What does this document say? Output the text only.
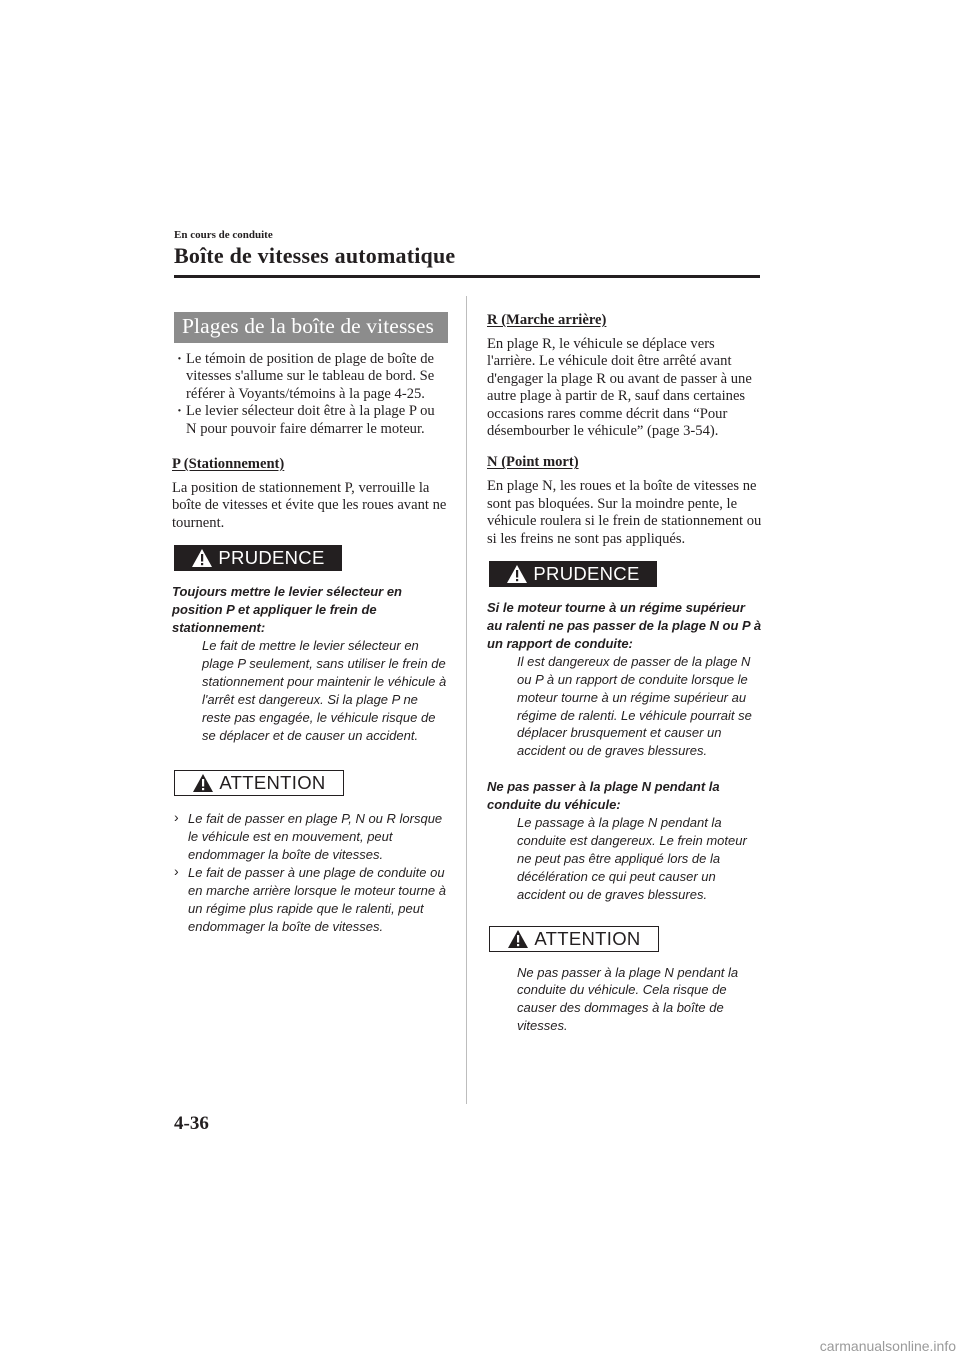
En cours de conduite
Boîte de vitesses automatique
Plages de la boîte de vitesses
· Le témoin de position de plage de boîte de vitesses s'allume sur le tableau de bord. Se référer à Voyants/témoins à la page 4-25.
· Le levier sélecteur doit être à la plage P ou N pour pouvoir faire démarrer le moteur.
P (Stationnement)
La position de stationnement P, verrouille la boîte de vitesses et évite que les roues avant ne tournent.
PRUDENCE
Toujours mettre le levier sélecteur en position P et appliquer le frein de stationnement:
Le fait de mettre le levier sélecteur en plage P seulement, sans utiliser le frein de stationnement pour maintenir le véhicule à l'arrêt est dangereux. Si la plage P ne reste pas engagée, le véhicule risque de se déplacer et de causer un accident.
ATTENTION
› Le fait de passer en plage P, N ou R lorsque le véhicule est en mouvement, peut endommager la boîte de vitesses.
› Le fait de passer à une plage de conduite ou en marche arrière lorsque le moteur tourne à un régime plus rapide que le ralenti, peut endommager la boîte de vitesses.
R (Marche arrière)
En plage R, le véhicule se déplace vers l'arrière. Le véhicule doit être arrêté avant d'engager la plage R ou avant de passer à une autre plage à partir de R, sauf dans certaines occasions rares comme décrit dans “Pour désembourber le véhicule” (page 3-54).
N (Point mort)
En plage N, les roues et la boîte de vitesses ne sont pas bloquées. Sur la moindre pente, le véhicule roulera si le frein de stationnement ou si les freins ne sont pas appliqués.
PRUDENCE
Si le moteur tourne à un régime supérieur au ralenti ne pas passer de la plage N ou P à un rapport de conduite:
Il est dangereux de passer de la plage N ou P à un rapport de conduite lorsque le moteur tourne à un régime supérieur au régime de ralenti. Le véhicule pourrait se déplacer brusquement et causer un accident ou de graves blessures.
Ne pas passer à la plage N pendant la conduite du véhicule:
Le passage à la plage N pendant la conduite est dangereux. Le frein moteur ne peut pas être appliqué lors de la décélération ce qui peut causer un accident ou de graves blessures.
ATTENTION
Ne pas passer à la plage N pendant la conduite du véhicule. Cela risque de causer des dommages à la boîte de vitesses.
4-36
carmanualsonline.info
